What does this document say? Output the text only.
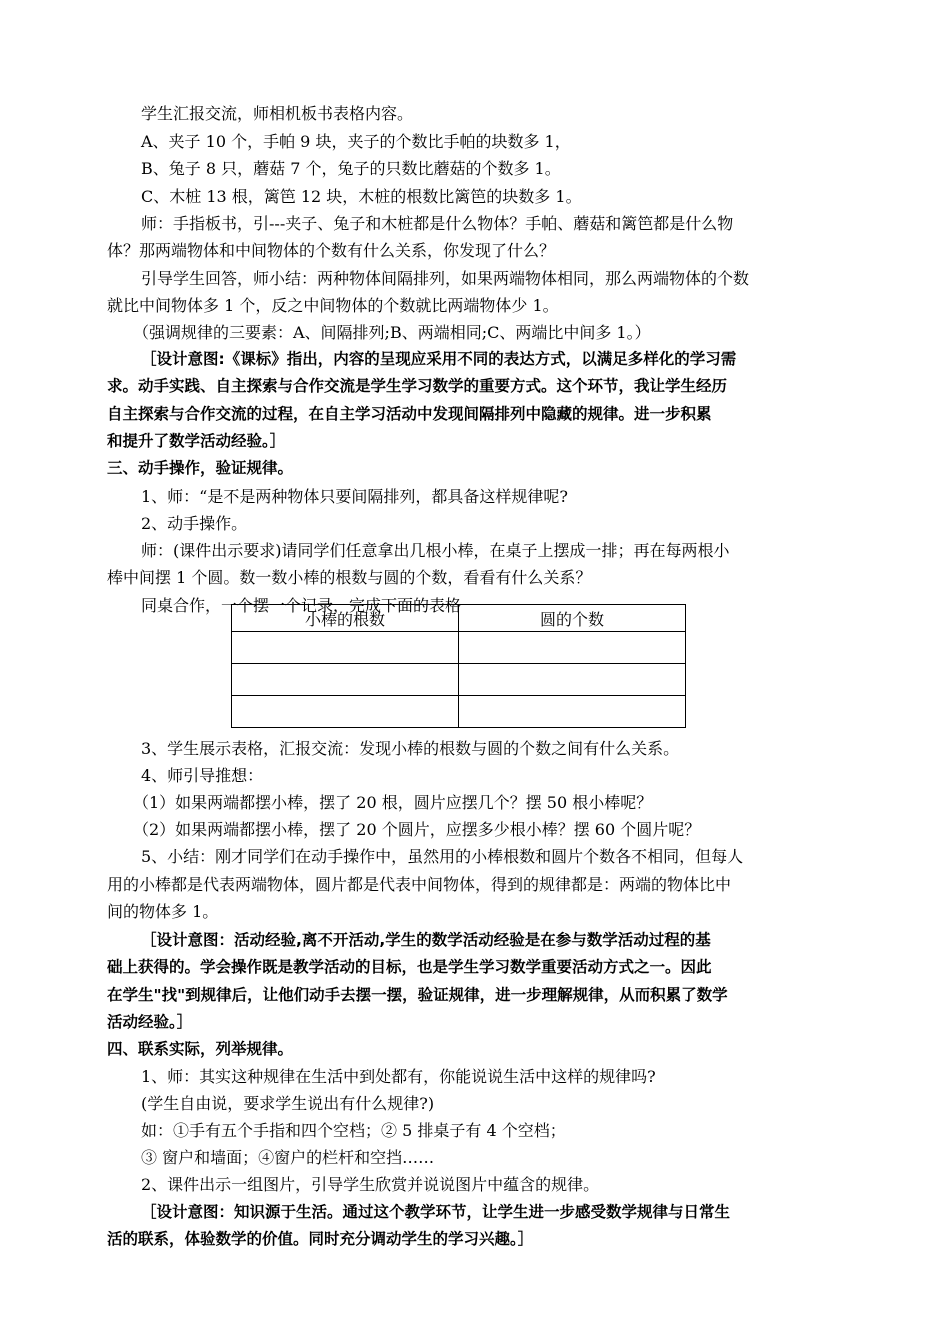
学生汇报交流，师相机板书表格内容。
A、夹子 10 个，手帕 9 块，夹子的个数比手帕的块数多 1，
B、兔子 8 只，蘑菇 7 个，兔子的只数比蘑菇的个数多 1。
C、木桩 13 根，篱笆 12 块，木桩的根数比篱笆的块数多 1。
师：手指板书，引---夹子、兔子和木桩都是什么物体？手帕、蘑菇和篱笆都是什么物
体？那两端物体和中间物体的个数有什么关系，你发现了什么？
引导学生回答，师小结：两种物体间隔排列，如果两端物体相同，那么两端物体的个数
就比中间物体多 1 个，反之中间物体的个数就比两端物体少 1。
（强调规律的三要素：A、间隔排列;B、两端相同;C、两端比中间多 1。）
［设计意图:《课标》指出，内容的呈现应采用不同的表达方式，以满足多样化的学习需
求。动手实践、自主探索与合作交流是学生学习数学的重要方式。这个环节，我让学生经历
自主探索与合作交流的过程，在自主学习活动中发现间隔排列中隐藏的规律。进一步积累
和提升了数学活动经验。］
三、动手操作，验证规律。
1、师：“是不是两种物体只要间隔排列，都具备这样规律呢?
2、动手操作。
师：(课件出示要求)请同学们任意拿出几根小棒，在桌子上摆成一排；再在每两根小
棒中间摆 1 个圆。数一数小棒的根数与圆的个数，看看有什么关系？
同桌合作，一个摆一个记录，完成下面的表格
小棒的根数	圆的个数

3、学生展示表格，汇报交流：发现小棒的根数与圆的个数之间有什么关系。
4、师引导推想：
（1）如果两端都摆小棒，摆了 20 根，圆片应摆几个？摆 50 根小棒呢？
（2）如果两端都摆小棒，摆了 20 个圆片，应摆多少根小棒？摆 60 个圆片呢？
5、小结：刚才同学们在动手操作中，虽然用的小棒根数和圆片个数各不相同，但每人
用的小棒都是代表两端物体，圆片都是代表中间物体，得到的规律都是：两端的物体比中
间的物体多 1。
［设计意图：活动经验,离不开活动,学生的数学活动经验是在参与数学活动过程的基
础上获得的。学会操作既是教学活动的目标，也是学生学习数学重要活动方式之一。因此
在学生"找"到规律后，让他们动手去摆一摆，验证规律，进一步理解规律，从而积累了数学
活动经验。］
四、联系实际，列举规律。
1、师：其实这种规律在生活中到处都有，你能说说生活中这样的规律吗?
(学生自由说，要求学生说出有什么规律?)
如：①手有五个手指和四个空档；② 5 排桌子有 4 个空档；
③ 窗户和墙面；④窗户的栏杆和空挡……
2、课件出示一组图片，引导学生欣赏并说说图片中蕴含的规律。
［设计意图：知识源于生活。通过这个教学环节，让学生进一步感受数学规律与日常生
活的联系，体验数学的价值。同时充分调动学生的学习兴趣。］
